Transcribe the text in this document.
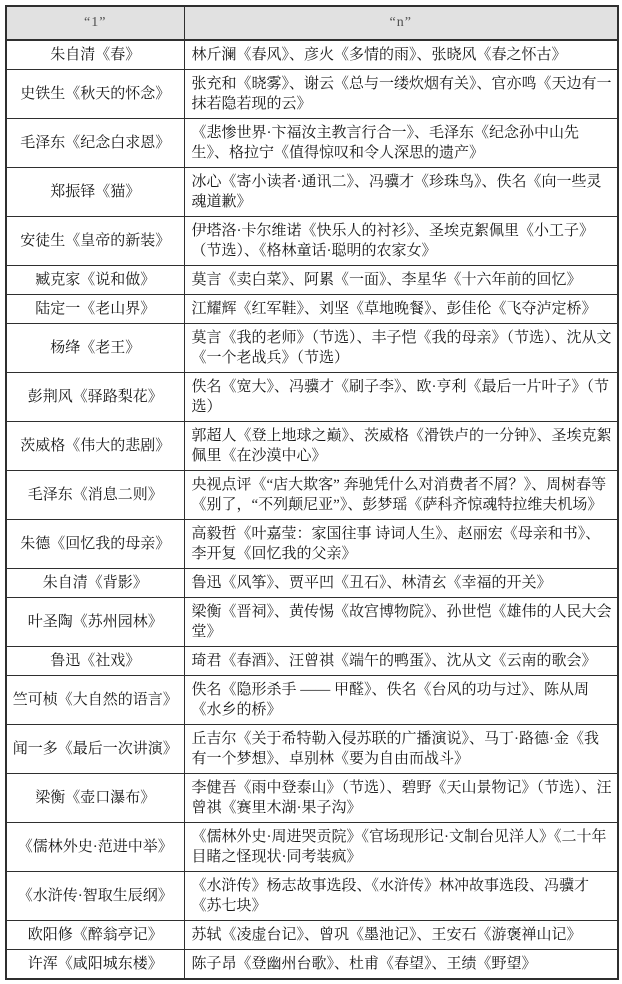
“1”	“n”
朱自清《春》	林斤澜《春风》、彦火《多情的雨》、张晓风《春之怀古》
史铁生《秋天的怀念》	张充和《晓雾》、谢云《总与一缕炊烟有关》、官亦鸣《天边有一抹若隐若现的云》
毛泽东《纪念白求恩》	《悲惨世界·卞福汝主教言行合一》、毛泽东《纪念孙中山先生》、格拉宁《值得惊叹和令人深思的遗产》
郑振铎《猫》	冰心《寄小读者·通讯二》、冯骥才《珍珠鸟》、佚名《向一些灵魂道歉》
安徒生《皇帝的新装》	伊塔洛·卡尔维诺《快乐人的衬衫》、圣埃克絮佩里《小工子》（节选）、《格林童话·聪明的农家女》
臧克家《说和做》	莫言《卖白菜》、阿累《一面》、李星华《十六年前的回忆》
陆定一《老山界》	江耀辉《红军鞋》、刘坚《草地晚餐》、彭佳伦《飞夺泸定桥》
杨绛《老王》	莫言《我的老师》（节选）、丰子恺《我的母亲》（节选）、沈从文《一个老战兵》（节选）
彭荆风《驿路梨花》	佚名《宽大》、冯骥才《刷子李》、欧·亨利《最后一片叶子》（节选）
茨威格《伟大的悲剧》	郭超人《登上地球之巅》、茨威格《滑铁卢的一分钟》、圣埃克絮佩里《在沙漠中心》
毛泽东《消息二则》	央视点评《“店大欺客” 奔驰凭什么对消费者不屑？》、周树春等《别了，“不列颠尼亚”》、彭梦瑶《萨科齐惊魂特拉维夫机场》
朱德《回忆我的母亲》	高毅哲《叶嘉莹：家国往事 诗词人生》、赵丽宏《母亲和书》、李开复《回忆我的父亲》
朱自清《背影》	鲁迅《风筝》、贾平凹《丑石》、林清玄《幸福的开关》
叶圣陶《苏州园林》	梁衡《晋祠》、黄传惕《故宫博物院》、孙世恺《雄伟的人民大会堂》
鲁迅《社戏》	琦君《春酒》、汪曾祺《端午的鸭蛋》、沈从文《云南的歌会》
竺可桢《大自然的语言》	佚名《隐形杀手 —— 甲醛》、佚名《台风的功与过》、陈从周《水乡的桥》
闻一多《最后一次讲演》	丘吉尔《关于希特勒入侵苏联的广播演说》、马丁·路德·金《我有一个梦想》、卓别林《要为自由而战斗》
梁衡《壶口瀑布》	李健吾《雨中登泰山》（节选）、碧野《天山景物记》（节选）、汪曾祺《赛里木湖·果子沟》
《儒林外史·范进中举》	《儒林外史·周进哭贡院》《官场现形记·文制台见洋人》《二十年目睹之怪现状·同考装疯》
《水浒传·智取生辰纲》	《水浒传》杨志故事选段、《水浒传》林冲故事选段、冯骥才《苏七块》
欧阳修《醉翁亭记》	苏轼《凌虚台记》、曾巩《墨池记》、王安石《游褒禅山记》
许浑《咸阳城东楼》	陈子昂《登幽州台歌》、杜甫《春望》、王绩《野望》
